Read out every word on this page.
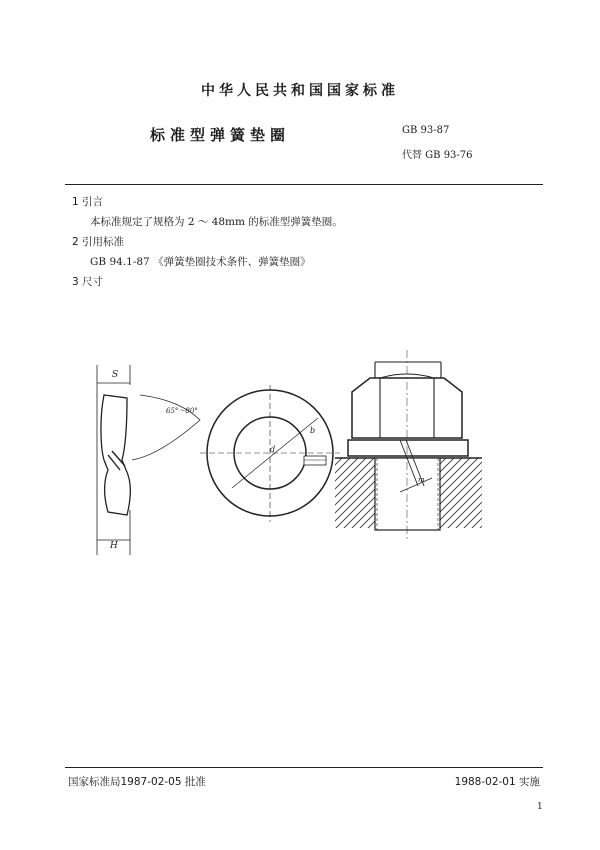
中华人民共和国国家标准
标准型弹簧垫圈	GB 93-87
代替 GB 93-76
1 引言
本标准规定了规格为 2 ～ 48mm 的标准型弹簧垫圈。
2 引用标准
GB 94.1-87 《弹簧垫圈技术条件、弹簧垫圈》
3 尺寸
S
H
65°～80°
d
b
m
国家标准局1987-02-05 批准	1988-02-01 实施
1
